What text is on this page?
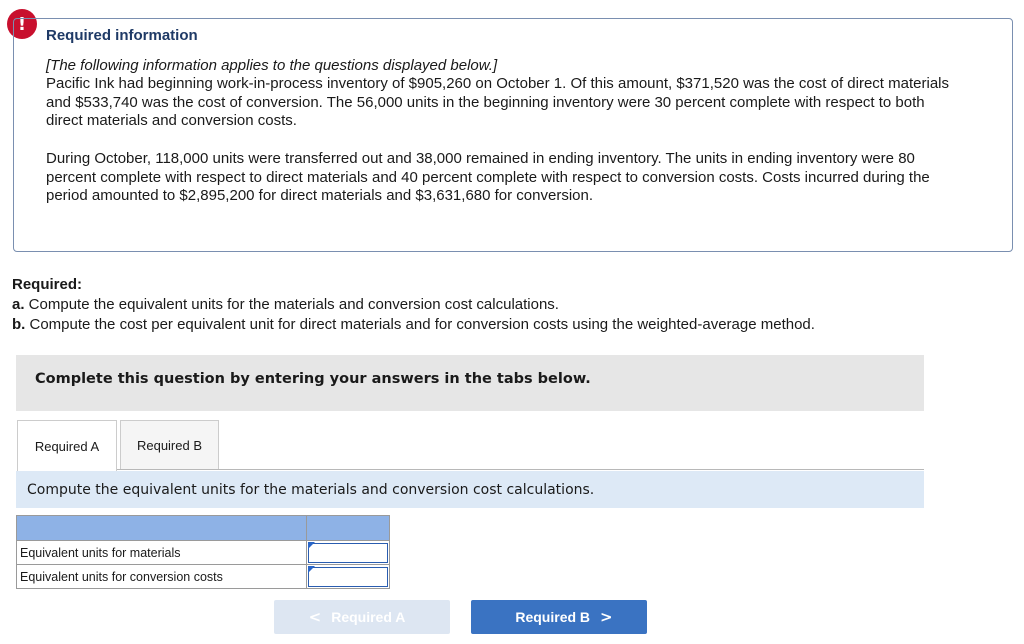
!
Required information
[The following information applies to the questions displayed below.]

Pacific Ink had beginning work-in-process inventory of $905,260 on October 1. Of this amount, $371,520 was the cost of direct materials and $533,740 was the cost of conversion. The 56,000 units in the beginning inventory were 30 percent complete with respect to both direct materials and conversion costs.

During October, 118,000 units were transferred out and 38,000 remained in ending inventory. The units in ending inventory were 80 percent complete with respect to direct materials and 40 percent complete with respect to conversion costs. Costs incurred during the period amounted to $2,895,200 for direct materials and $3,631,680 for conversion.

Required:
a. Compute the equivalent units for the materials and conversion cost calculations.
b. Compute the cost per equivalent unit for direct materials and for conversion costs using the weighted-average method.
Complete this question by entering your answers in the tabs below.
Required A	Required B
Compute the equivalent units for the materials and conversion cost calculations.

Equivalent units for materials	

Equivalent units for conversion costs	
< Required A	Required B >
